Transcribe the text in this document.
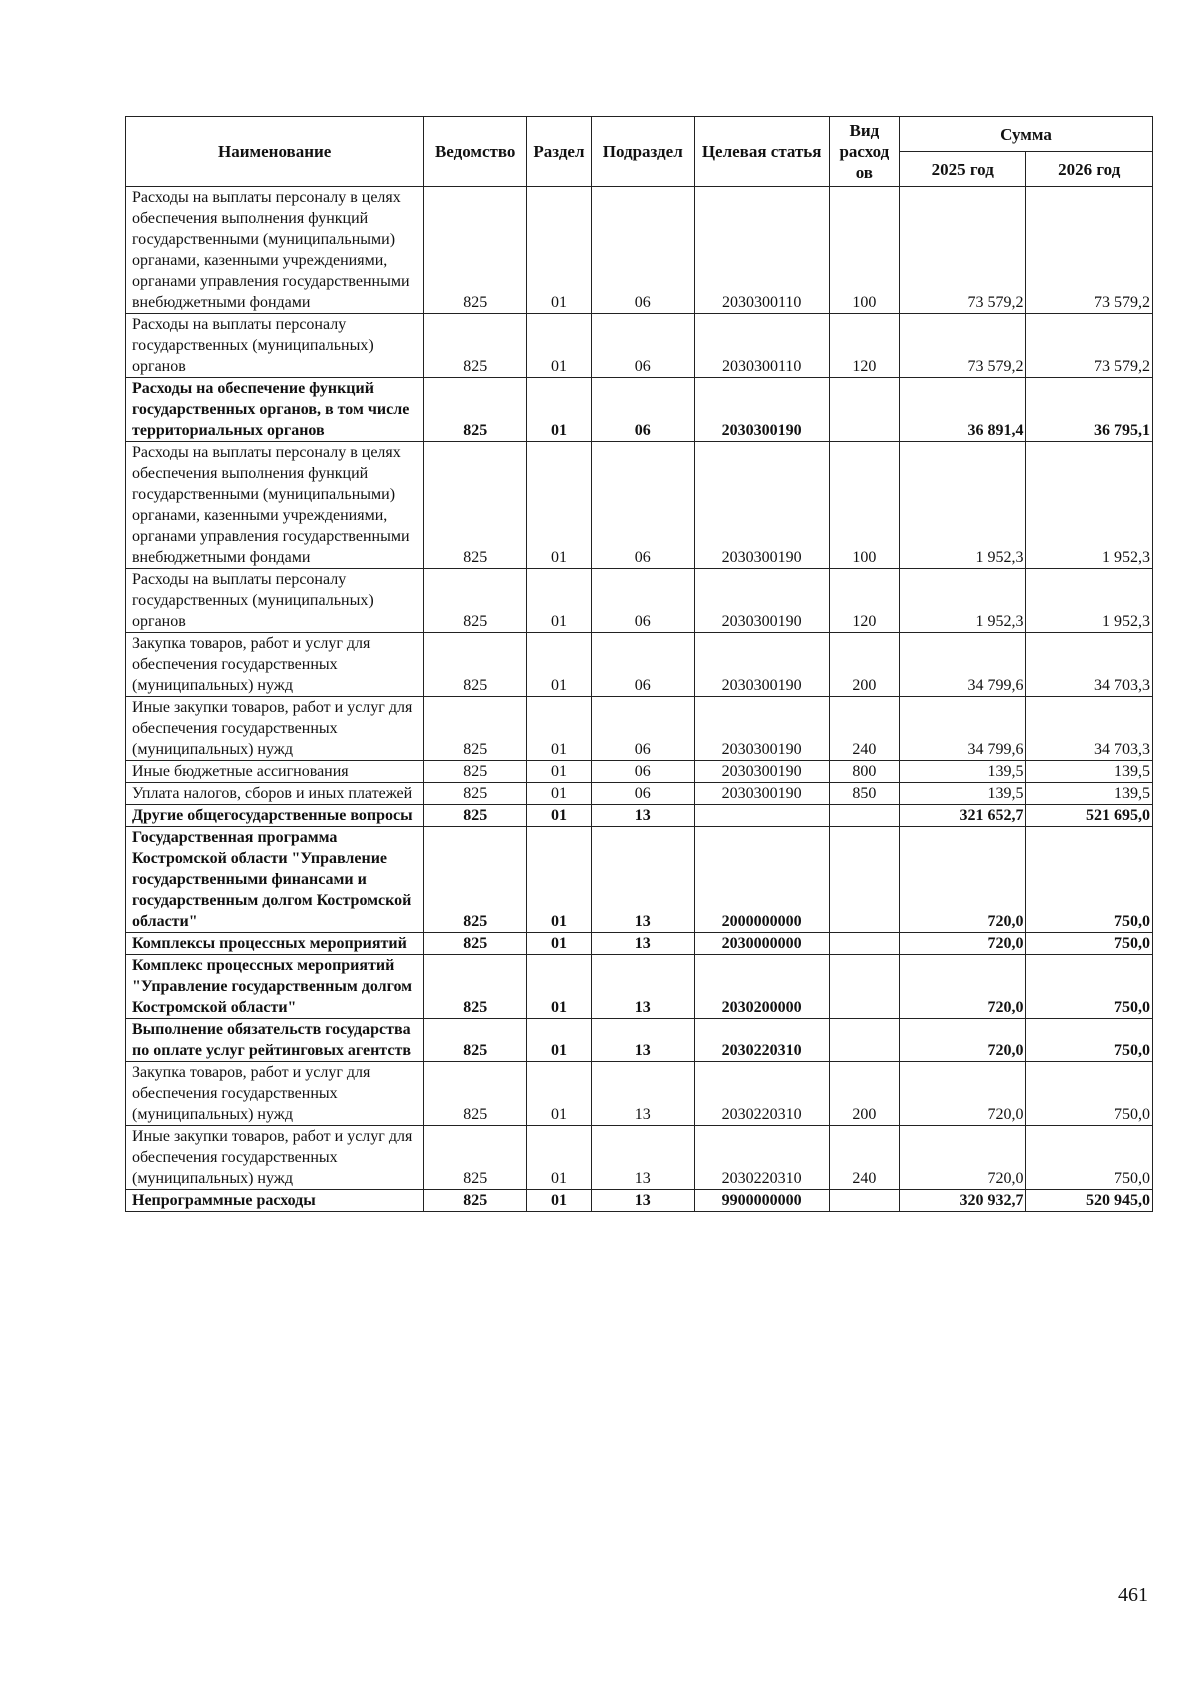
Наименование	Ведомство	Раздел	Подраздел	Целевая статья	Вид расход ов	Сумма	
						2025 год	2026 год
Расходы на выплаты персоналу в целях обеспечения выполнения функций государственными (муниципальными) органами, казенными учреждениями, органами управления государственными внебюджетными фондами	825	01	06	2030300110	100	73 579,2	73 579,2
Расходы на выплаты персоналу государственных (муниципальных) органов	825	01	06	2030300110	120	73 579,2	73 579,2
Расходы на обеспечение функций государственных органов, в том числе территориальных органов	825	01	06	2030300190		36 891,4	36 795,1
Расходы на выплаты персоналу в целях обеспечения выполнения функций государственными (муниципальными) органами, казенными учреждениями, органами управления государственными внебюджетными фондами	825	01	06	2030300190	100	1 952,3	1 952,3
Расходы на выплаты персоналу государственных (муниципальных) органов	825	01	06	2030300190	120	1 952,3	1 952,3
Закупка товаров, работ и услуг для обеспечения государственных (муниципальных) нужд	825	01	06	2030300190	200	34 799,6	34 703,3
Иные закупки товаров, работ и услуг для обеспечения государственных (муниципальных) нужд	825	01	06	2030300190	240	34 799,6	34 703,3
Иные бюджетные ассигнования	825	01	06	2030300190	800	139,5	139,5
Уплата налогов, сборов и иных платежей	825	01	06	2030300190	850	139,5	139,5
Другие общегосударственные вопросы	825	01	13			321 652,7	521 695,0
Государственная программа Костромской области "Управление государственными финансами и государственным долгом Костромской области"	825	01	13	2000000000		720,0	750,0
Комплексы процессных мероприятий	825	01	13	2030000000		720,0	750,0
Комплекс процессных мероприятий "Управление государственным долгом Костромской области"	825	01	13	2030200000		720,0	750,0
Выполнение обязательств государства по оплате услуг рейтинговых агентств	825	01	13	2030220310		720,0	750,0
Закупка товаров, работ и услуг для обеспечения государственных (муниципальных) нужд	825	01	13	2030220310	200	720,0	750,0
Иные закупки товаров, работ и услуг для обеспечения государственных (муниципальных) нужд	825	01	13	2030220310	240	720,0	750,0
Непрограммные расходы	825	01	13	9900000000		320 932,7	520 945,0
461
